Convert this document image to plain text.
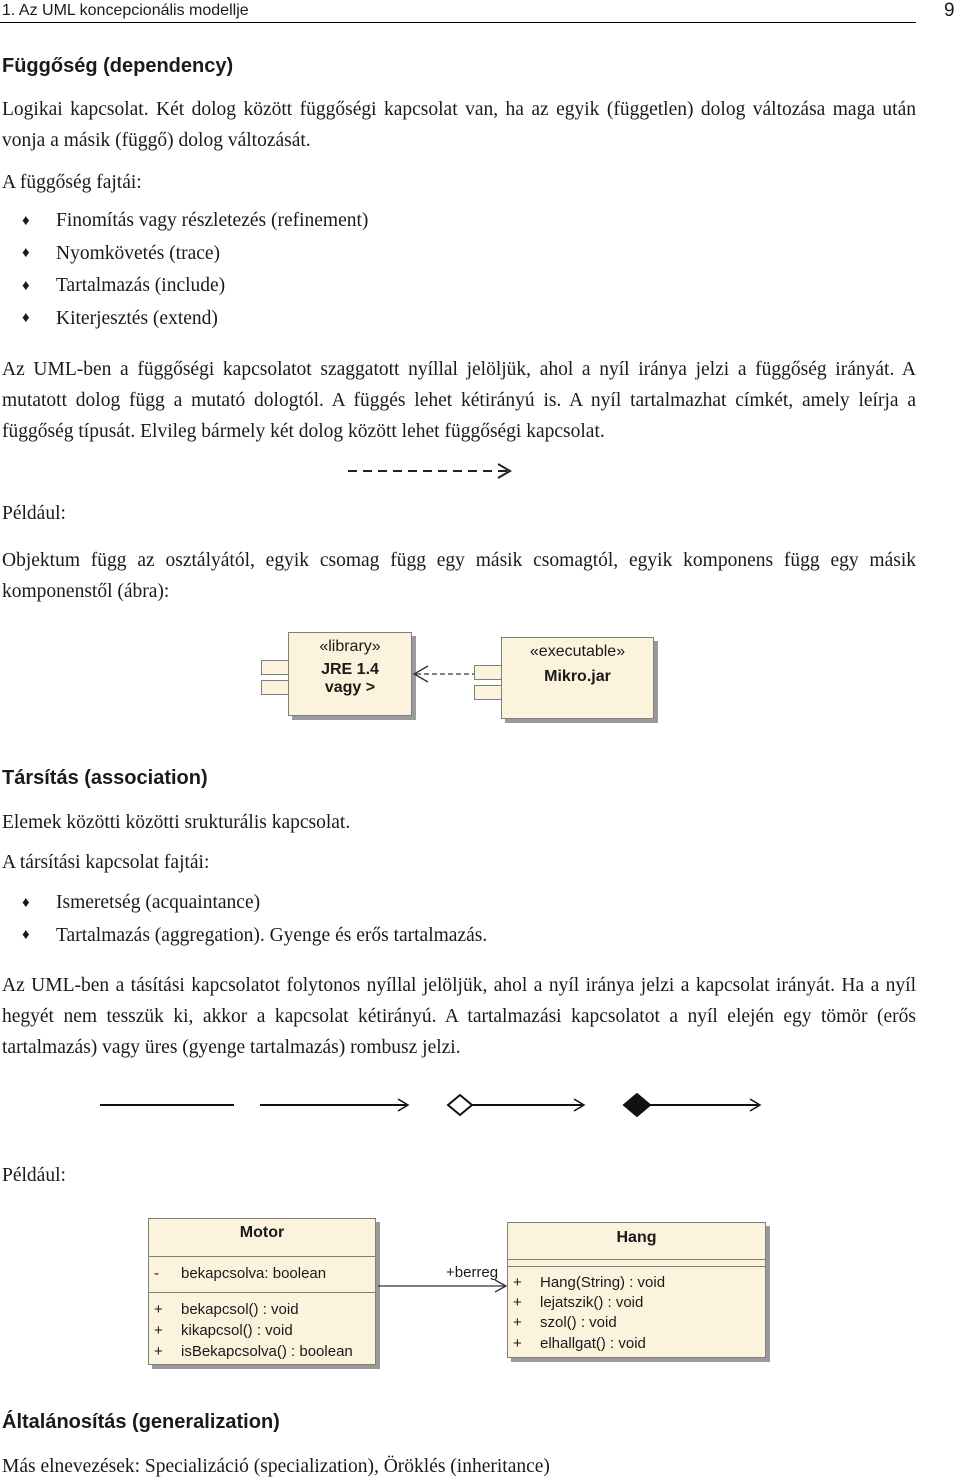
1. Az UML koncepcionális modellje	9
Függőség (dependency)

Logikai kapcsolat. Két dolog között függőségi kapcsolat van, ha az egyik (független) dolog változása maga után vonja a másik (függő) dolog változását.

A függőség fajtái:
♦	Finomítás vagy részletezés (refinement)
♦	Nyomkövetés (trace)
♦	Tartalmazás (include)
♦	Kiterjesztés (extend)

Az UML-ben a függőségi kapcsolatot szaggatott nyíllal jelöljük, ahol a nyíl iránya jelzi a függőség irányát. A mutatott dolog függ a mutató dologtól. A függés lehet kétirányú is. A nyíl tartalmazhat címkét, amely leírja a függőség típusát. Elvileg bármely két dolog között lehet függőségi kapcsolat.

Például:

Objektum függ az osztályától, egyik csomag függ egy másik csomagtól, egyik komponens függ egy másik komponenstől (ábra):

«library»
JRE 1.4
vagy >
«executable»
Mikro.jar
Társítás (association)
Elemek közötti közötti srukturális kapcsolat.
A társítási kapcsolat fajtái:
♦	Ismeretség (acquaintance)
♦	Tartalmazás (aggregation). Gyenge és erős tartalmazás.

Az UML-ben a tásítási kapcsolatot folytonos nyíllal jelöljük, ahol a nyíl iránya jelzi a kapcsolat irányát. Ha a nyíl hegyét nem tesszük ki, akkor a kapcsolat kétirányú. A tartalmazási kapcsolatot a nyíl elején egy tömör (erős tartalmazás) vagy üres (gyenge tartalmazás) rombusz jelzi.

Például:
Motor
- bekapcsolva: boolean
+ bekapcsol() : void
+ kikapcsol() : void
+ isBekapcsolva() : boolean
Hang
+ Hang(String) : void
+ lejatszik() : void
+ szol() : void
+ elhallgat() : void
+berreg
Általánosítás (generalization)
Más elnevezések: Specializáció (specialization), Öröklés (inheritance)
